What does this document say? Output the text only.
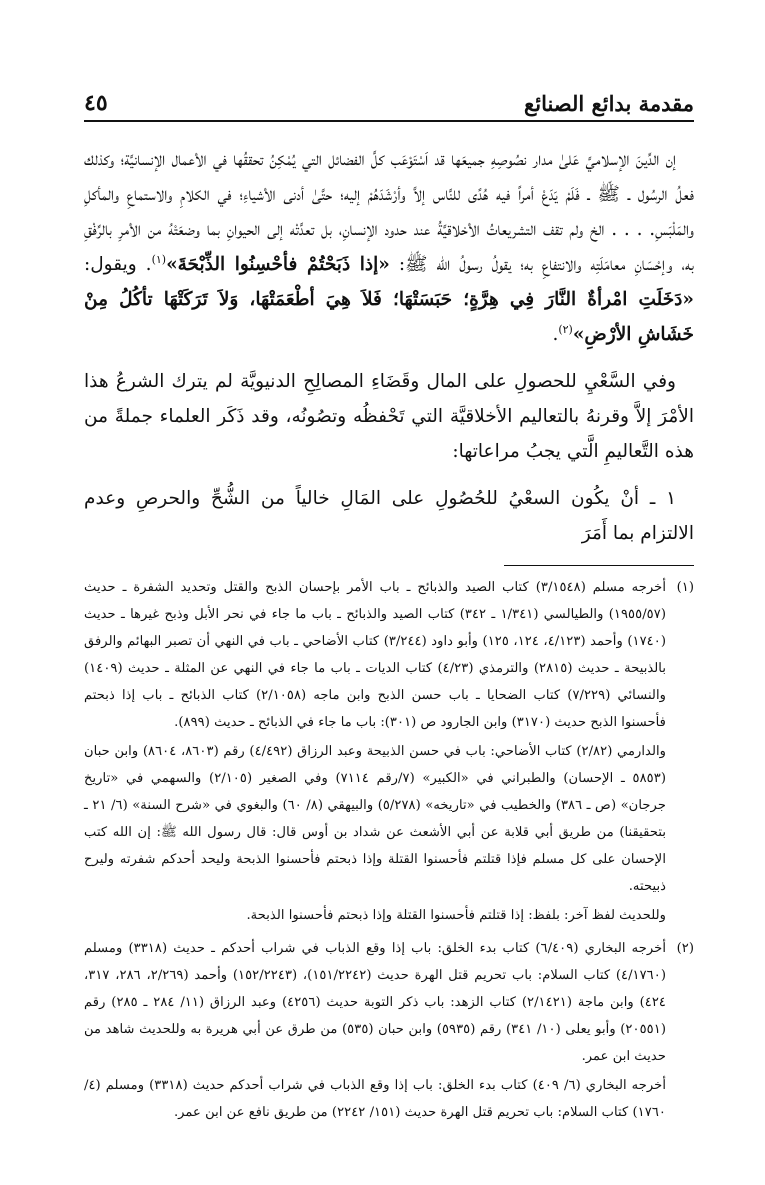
مقدمة بدائع الصنائع
٤٥

إن الدِّينَ الإسلاميَّ عَلىٰ مدار نصُوصِهِ جميعَها قد اَسْتَوْعَب كلَّ الفضائل التي يُمْكِنُ تحققُها في الأعمال الإنسانيَّة؛ وكذلك فعلُ الرسُول ـ ﷺ ـ فَلَمْ يَدَعْ أمراً فيه هُدًى للنَّاس إلاَّ وأرْشَدَهُمْ إليه؛ حتَّىٰ أدنى الأشياءِ؛ في الكلامِ والاستماعِ والمأكلِ والمَلْبَسِ. . . . الخ ولم تقف التشريعاتُ الأخلاقيَّةُ عند حدود الإنسانِ، بل تعدَّتْه إلى الحيوانِ بما وضعَتْهُ من الأمرِ بالرِّفْقِ به، وإحْسَانِ معامَلَتِه والانتفاعِ به؛ يقولُ رسولُ الله ﷺ: «إذا ذَبَحْتُمْ فأحْسِنُوا الذِّبْحَةَ»$^{(١)}$. ويقول: «دَخَلَتِ امْرأةٌ النَّارَ فِي هِرَّةٍ؛ حَبَسَتْهَا؛ فَلاَ هِيَ أطْعَمَتْهَا، وَلاَ تَرَكَتْهَا تأكُلُ مِنْ خَشَاشِ الأرْضِ»$^{(٢)}$.

وفي السَّعْيِ للحصولِ على المال وقَضَاءِ المصالِحِ الدنيويَّة لم يترك الشرعُ هذا الأمْرَ إلاَّ وقرنهُ بالتعاليم الأخلاقيَّة التي تَحْفظُه وتصُونُه، وقد ذَكَر العلماء جملةً من هذه التَّعاليمِ الَّتي يجبُ مراعاتها:

١ ـ أنْ يكُون السعْيُ للحُصُولِ على المَالِ خالياً من الشُّحِّ والحرصِ وعدم الالتزام بما أَمَرَ

(١)

أخرجه مسلم (٣/١٥٤٨) كتاب الصيد والذبائح ـ باب الأمر بإحسان الذبح والقتل وتحديد الشفرة ـ حديث (١٩٥٥/٥٧) والطيالسي (١/٣٤١ ـ ٣٤٢) كتاب الصيد والذبائح ـ باب ما جاء في نحر الأبل وذبح غيرها ـ حديث (١٧٤٠) وأحمد (٤/١٢٣، ١٢٤، ١٢٥) وأبو داود (٣/٢٤٤) كتاب الأضاحي ـ باب في النهي أن تصبر البهائم والرفق بالذبيحة ـ حديث (٢٨١٥) والترمذي (٤/٢٣) كتاب الديات ـ باب ما جاء في النهي عن المثلة ـ حديث (١٤٠٩) والنسائي (٧/٢٢٩) كتاب الضحايا ـ باب حسن الذبح وابن ماجه (٢/١٠٥٨) كتاب الذبائح ـ باب إذا ذبحتم فأحسنوا الذبح حديث (٣١٧٠) وابن الجارود ص (٣٠١): باب ما جاء في الذبائح ـ حديث (٨٩٩).

والدارمي (٢/٨٢) كتاب الأضاحي: باب في حسن الذبيحة وعبد الرزاق (٤/٤٩٢) رقم (٨٦٠٣، ٨٦٠٤) وابن حبان (٥٨٥٣ ـ الإحسان) والطبراني في «الكبير» (٧/رقم ٧١١٤) وفي الصغير (٢/١٠٥) والسهمي في «تاريخ جرجان» (ص ـ ٣٨٦) والخطيب في «تاريخه» (٥/٢٧٨) والبيهقي (٨/ ٦٠) والبغوي في «شرح السنة» (٦/ ٢١ ـ بتحقيقنا) من طريق أبي قلابة عن أبي الأشعث عن شداد بن أوس قال: قال رسول الله ﷺ: إن الله كتب الإحسان على كل مسلم فإذا قتلتم فأحسنوا القتلة وإذا ذبحتم فأحسنوا الذبحة وليحد أحدكم شفرته وليرح ذبيحته.

وللحديث لفظ آخر: بلفظ: إذا قتلتم فأحسنوا القتلة وإذا ذبحتم فأحسنوا الذبحة.

(٢)

أخرجه البخاري (٦/٤٠٩) كتاب بدء الخلق: باب إذا وقع الذباب في شراب أحدكم ـ حديث (٣٣١٨) ومسلم (٤/١٧٦٠) كتاب السلام: باب تحريم قتل الهرة حديث (١٥١/٢٢٤٢)، (١٥٢/٢٢٤٣) وأحمد (٢/٢٦٩، ٢٨٦، ٣١٧، ٤٢٤) وابن ماجة (٢/١٤٢١) كتاب الزهد: باب ذكر التوبة حديث (٤٢٥٦) وعبد الرزاق (١١/ ٢٨٤ ـ ٢٨٥) رقم (٢٠٥٥١) وأبو يعلى (١٠/ ٣٤١) رقم (٥٩٣٥) وابن حبان (٥٣٥) من طرق عن أبي هريرة به وللحديث شاهد من حديث ابن عمر.

أخرجه البخاري (٦/ ٤٠٩) كتاب بدء الخلق: باب إذا وقع الذباب في شراب أحدكم حديث (٣٣١٨) ومسلم (٤/ ١٧٦٠) كتاب السلام: باب تحريم قتل الهرة حديث (١٥١/ ٢٢٤٢) من طريق نافع عن ابن عمر.
